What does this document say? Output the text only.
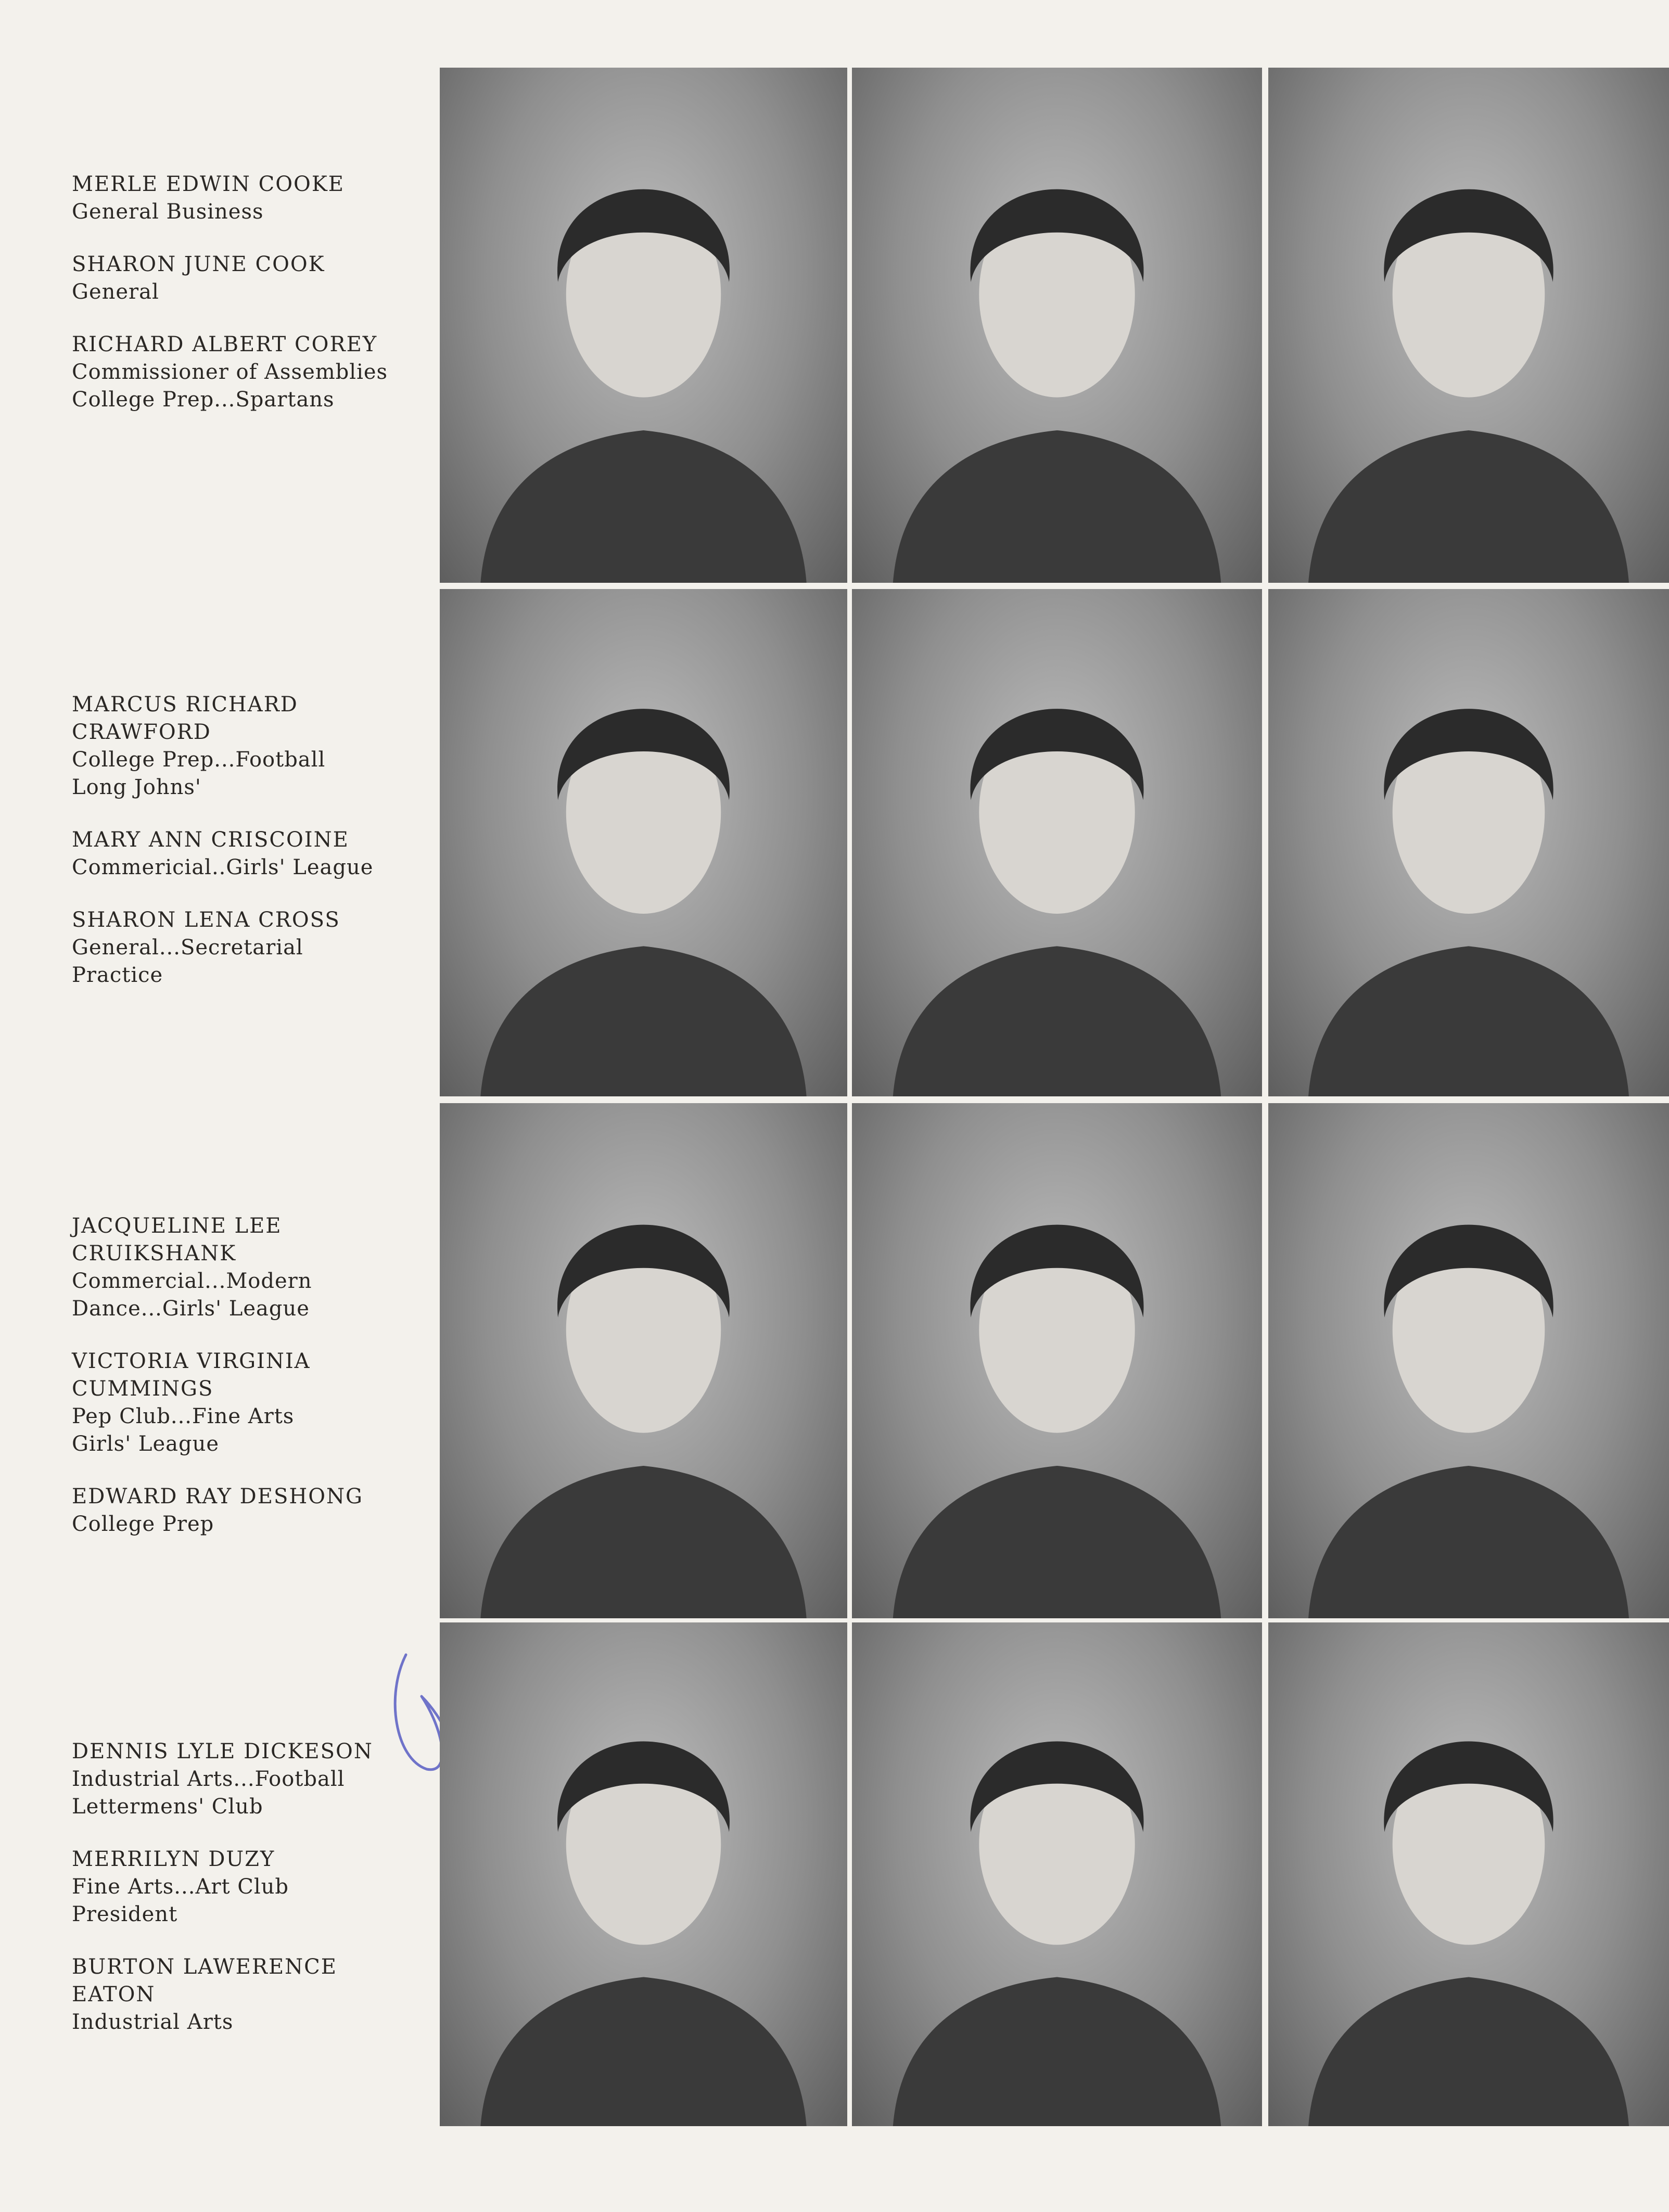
MERLE EDWIN COOKE
General Business
SHARON JUNE COOK
General
RICHARD ALBERT COREY
Commissioner of Assemblies
College Prep...Spartans
MARCUS RICHARD
CRAWFORD
College Prep...Football
Long Johns'
MARY ANN CRISCOINE
Commericial..Girls' League
SHARON LENA CROSS
General...Secretarial
Practice
JACQUELINE LEE
CRUIKSHANK
Commercial...Modern
Dance...Girls' League
VICTORIA VIRGINIA
CUMMINGS
Pep Club...Fine Arts
Girls' League
EDWARD RAY DESHONG
College Prep
DENNIS LYLE DICKESON
Industrial Arts...Football
Lettermens' Club
MERRILYN DUZY
Fine Arts...Art Club
President
BURTON LAWERENCE
EATON
Industrial Arts
